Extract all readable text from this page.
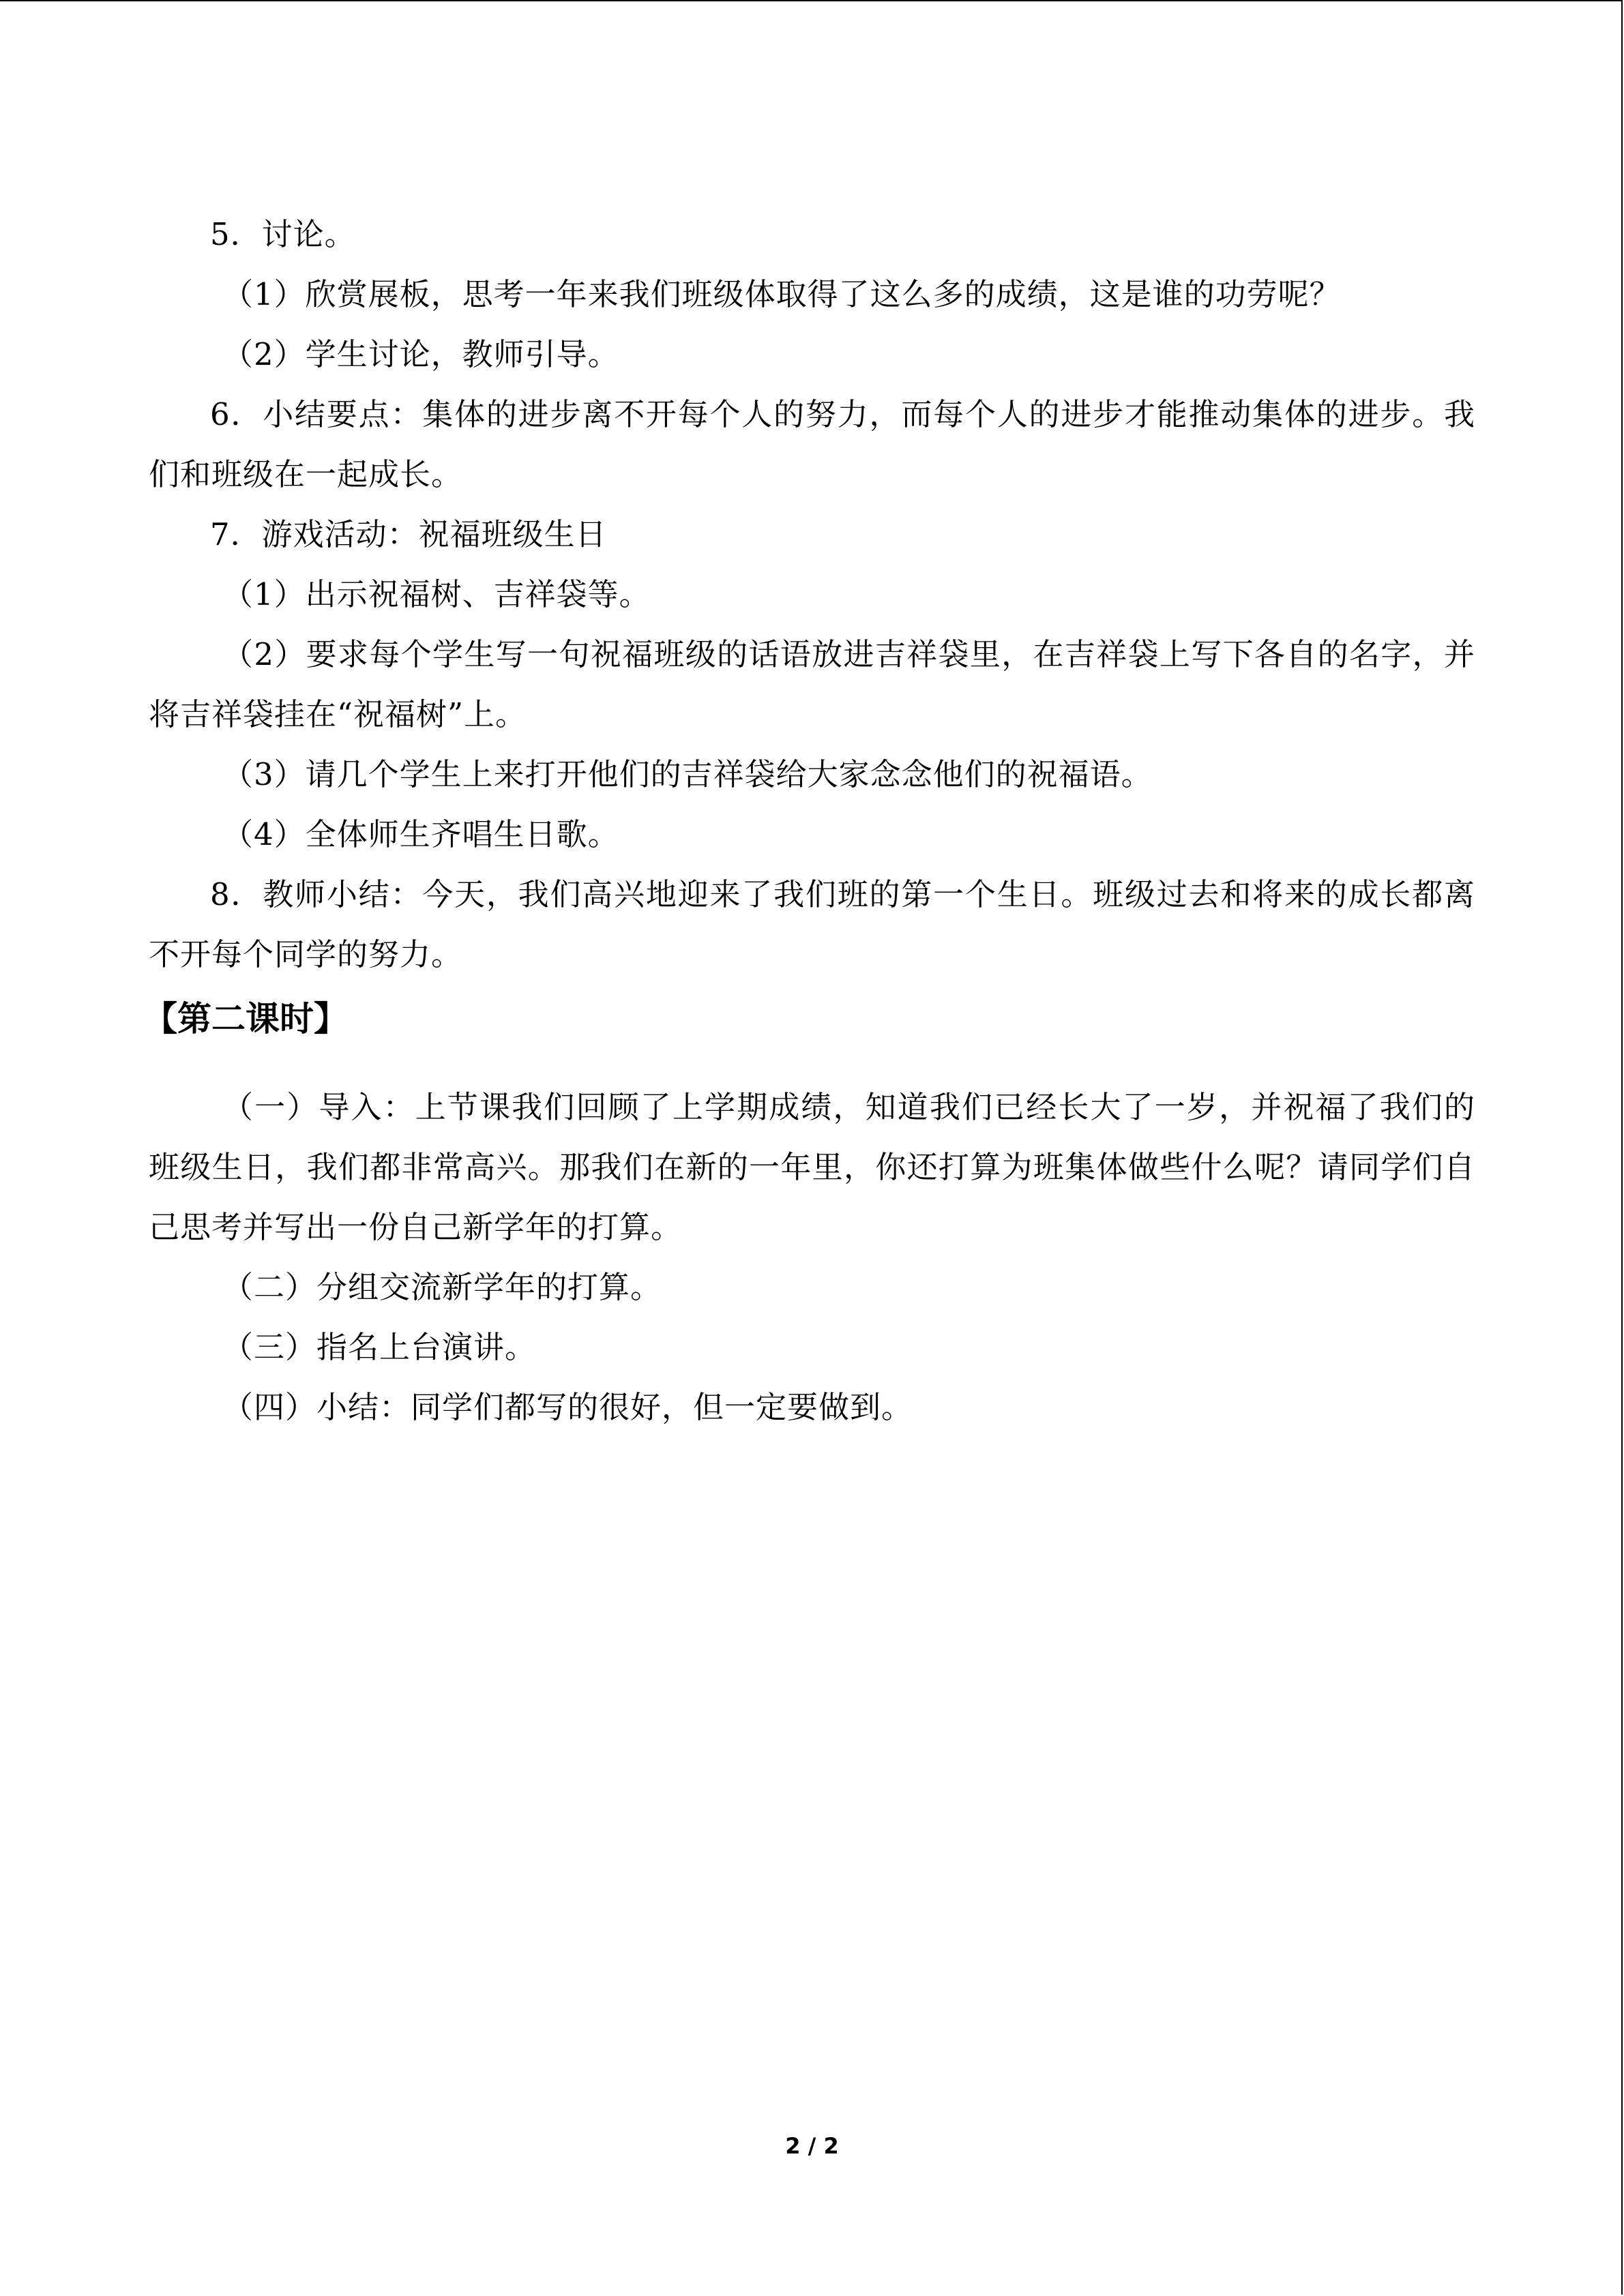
5．讨论。

（1）欣赏展板，思考一年来我们班级体取得了这么多的成绩，这是谁的功劳呢？

（2）学生讨论，教师引导。

6．小结要点：集体的进步离不开每个人的努力，而每个人的进步才能推动集体的进步。我们和班级在一起成长。

7．游戏活动：祝福班级生日

（1）出示祝福树、吉祥袋等。

（2）要求每个学生写一句祝福班级的话语放进吉祥袋里，在吉祥袋上写下各自的名字，并将吉祥袋挂在“祝福树”上。

（3）请几个学生上来打开他们的吉祥袋给大家念念他们的祝福语。

（4）全体师生齐唱生日歌。

8．教师小结：今天，我们高兴地迎来了我们班的第一个生日。班级过去和将来的成长都离不开每个同学的努力。

【第二课时】

（一）导入：上节课我们回顾了上学期成绩，知道我们已经长大了一岁，并祝福了我们的班级生日，我们都非常高兴。那我们在新的一年里，你还打算为班集体做些什么呢？请同学们自己思考并写出一份自己新学年的打算。

（二）分组交流新学年的打算。

（三）指名上台演讲。

（四）小结：同学们都写的很好，但一定要做到。

2 / 2
